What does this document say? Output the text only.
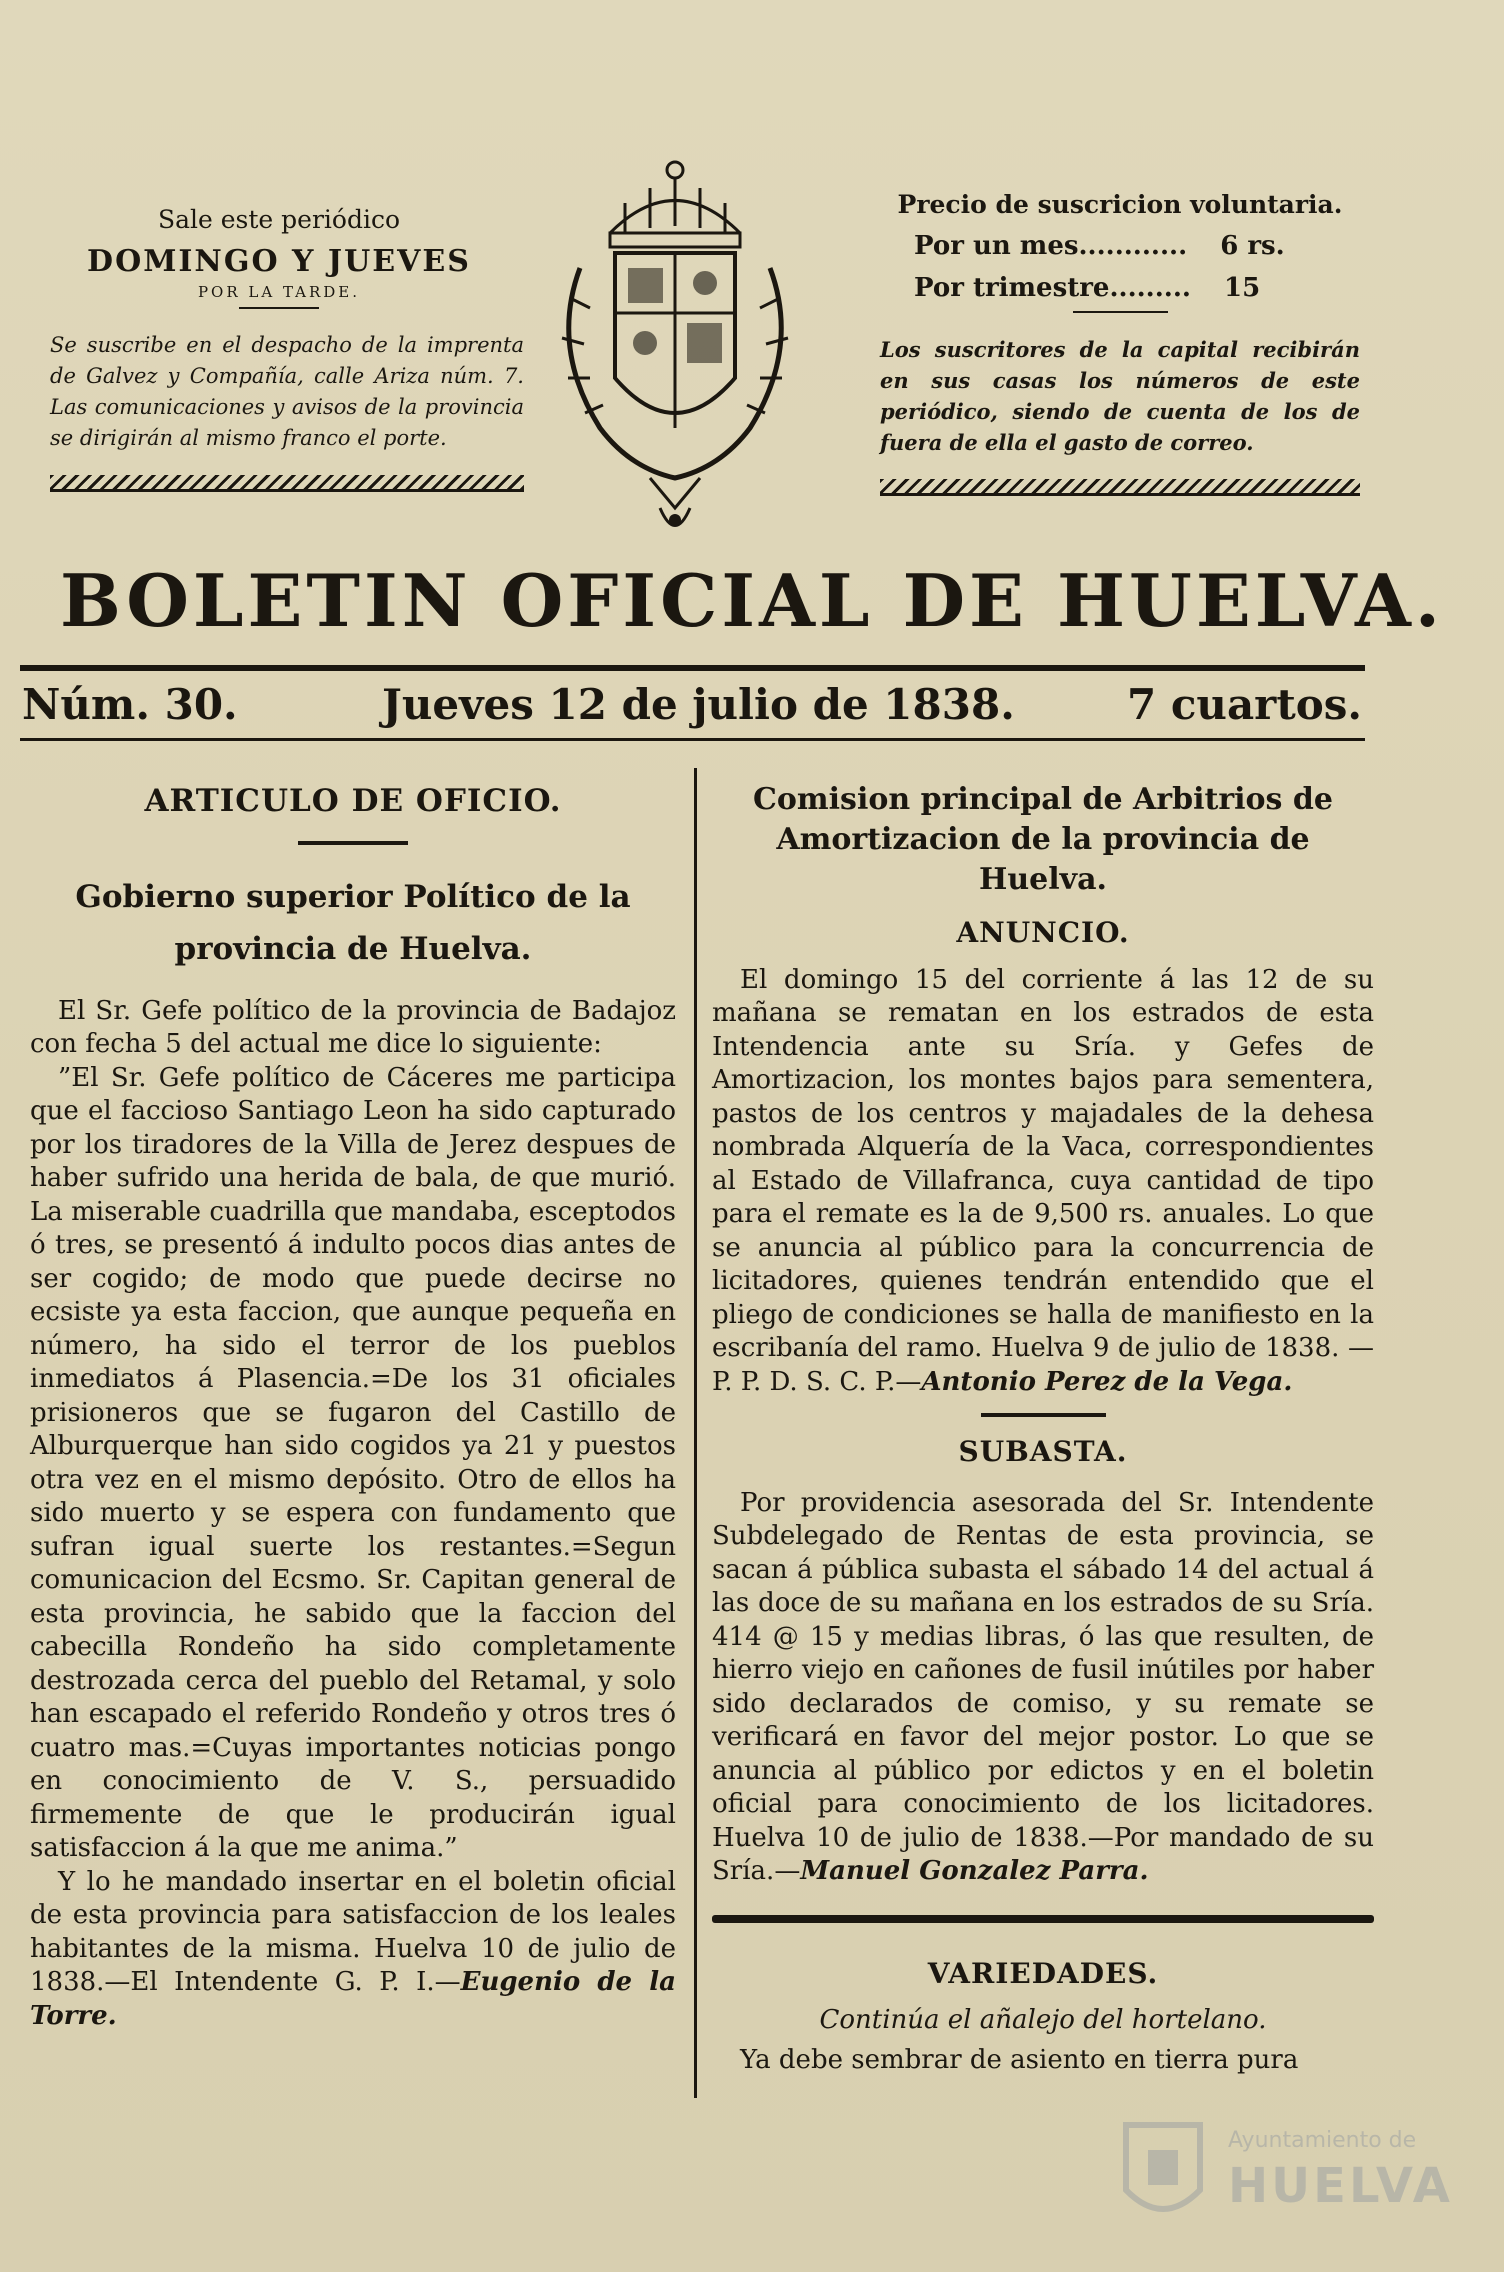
Sale este periódico
DOMINGO Y JUEVES
POR LA TARDE.

Se suscribe en el despacho de la imprenta de Galvez y Compañía, calle Ariza núm. 7. Las comunicaciones y avisos de la provincia se dirigirán al mismo franco el porte.

Precio de suscricion voluntaria.
Por un mes............ 6 rs.
Por trimestre......... 15

Los suscritores de la capital recibirán en sus casas los números de este periódico, siendo de cuenta de los de fuera de ella el gasto de correo.

BOLETIN OFICIAL DE HUELVA.
Núm. 30.	Jueves 12 de julio de 1838.	7 cuartos.
ARTICULO DE OFICIO.
Gobierno superior Político de la provincia de Huelva.

El Sr. Gefe político de la provincia de Badajoz con fecha 5 del actual me dice lo siguiente:

”El Sr. Gefe político de Cáceres me participa que el faccioso Santiago Leon ha sido capturado por los tiradores de la Villa de Jerez despues de haber sufrido una herida de bala, de que murió. La miserable cuadrilla que mandaba, esceptodos ó tres, se presentó á indulto pocos dias antes de ser cogido; de modo que puede decirse no ecsiste ya esta faccion, que aunque pequeña en número, ha sido el terror de los pueblos inmediatos á Plasencia.=De los 31 oficiales prisioneros que se fugaron del Castillo de Alburquerque han sido cogidos ya 21 y puestos otra vez en el mismo depósito. Otro de ellos ha sido muerto y se espera con fundamento que sufran igual suerte los restantes.=Segun comunicacion del Ecsmo. Sr. Capitan general de esta provincia, he sabido que la faccion del cabecilla Rondeño ha sido completamente destrozada cerca del pueblo del Retamal, y solo han escapado el referido Rondeño y otros tres ó cuatro mas.=Cuyas importantes noticias pongo en conocimiento de V. S., persuadido firmemente de que le producirán igual satisfaccion á la que me anima.”

Y lo he mandado insertar en el boletin oficial de esta provincia para satisfaccion de los leales habitantes de la misma. Huelva 10 de julio de 1838.—El Intendente G. P. I.—Eugenio de la Torre.

Comision principal de Arbitrios de Amortizacion de la provincia de Huelva.
ANUNCIO.

El domingo 15 del corriente á las 12 de su mañana se rematan en los estrados de esta Intendencia ante su Sría. y Gefes de Amortizacion, los montes bajos para sementera, pastos de los centros y majadales de la dehesa nombrada Alquería de la Vaca, correspondientes al Estado de Villafranca, cuya cantidad de tipo para el remate es la de 9,500 rs. anuales. Lo que se anuncia al público para la concurrencia de licitadores, quienes tendrán entendido que el pliego de condiciones se halla de manifiesto en la escribanía del ramo. Huelva 9 de julio de 1838. —P. P. D. S. C. P.—Antonio Perez de la Vega.

SUBASTA.

Por providencia asesorada del Sr. Intendente Subdelegado de Rentas de esta provincia, se sacan á pública subasta el sábado 14 del actual á las doce de su mañana en los estrados de su Sría. 414 @ 15 y medias libras, ó las que resulten, de hierro viejo en cañones de fusil inútiles por haber sido declarados de comiso, y su remate se verificará en favor del mejor postor. Lo que se anuncia al público por edictos y en el boletin oficial para conocimiento de los licitadores. Huelva 10 de julio de 1838.—Por mandado de su Sría.—Manuel Gonzalez Parra.

VARIEDADES.
Continúa el añalejo del hortelano.

Ya debe sembrar de asiento en tierra pura

Ayuntamiento de
HUELVA
